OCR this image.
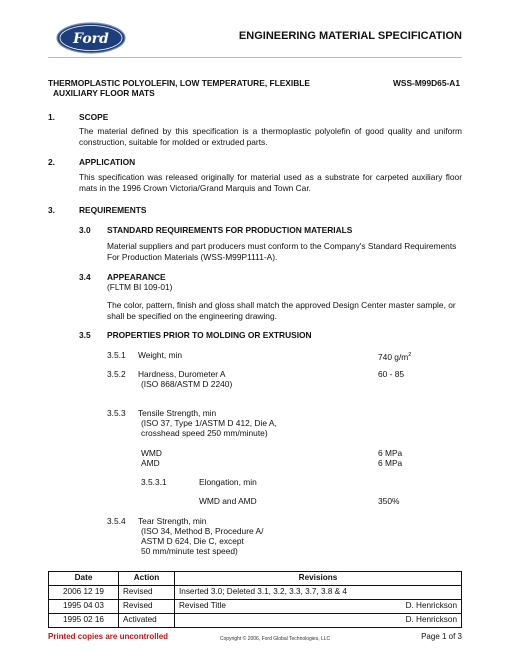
Ford	ENGINEERING MATERIAL SPECIFICATION
THERMOPLASTIC POLYOLEFIN, LOW TEMPERATURE, FLEXIBLE
AUXILIARY FLOOR MATS
WSS-M99D65-A1
1.	SCOPE
The material defined by this specification is a thermoplastic polyolefin of good quality and uniform construction, suitable for molded or extruded parts.
2.	APPLICATION
This specification was released originally for material used as a substrate for carpeted auxiliary floor mats in the 1996 Crown Victoria/Grand Marquis and Town Car.
3.	REQUIREMENTS
3.0 STANDARD REQUIREMENTS FOR PRODUCTION MATERIALS
Material suppliers and part producers must conform to the Company's Standard Requirements For Production Materials (WSS-M99P1111-A).
3.4 APPEARANCE
(FLTM BI 109-01)
The color, pattern, finish and gloss shall match the approved Design Center master sample, or shall be specified on the engineering drawing.
3.5 PROPERTIES PRIOR TO MOLDING OR EXTRUSION
3.5.1 Weight, min	740 $g/m^2$
3.5.2 Hardness, Durometer A	60 - 85
(ISO 868/ASTM D 2240)
3.5.3 Tensile Strength, min
(ISO 37, Type 1/ASTM D 412, Die A,
crosshead speed 250 mm/minute)
WMD	6 MPa
AMD	6 MPa
3.5.3.1	Elongation, min
WMD and AMD	350%
3.5.4 Tear Strength, min
(ISO 34, Method B, Procedure A/
ASTM D 624, Die C, except
50 mm/minute test speed)
Date	Action	Revisions
2006 12 19	Revised	Inserted 3.0; Deleted 3.1, 3.2, 3.3, 3.7, 3.8 & 4

1995 04 03	Revised	Revised Title D. Henrickson

1995 02 16	Activated	D. Henrickson
Printed copies are uncontrolled	Copyright © 2006, Ford Global Technologies, LLC	Page 1 of 3
